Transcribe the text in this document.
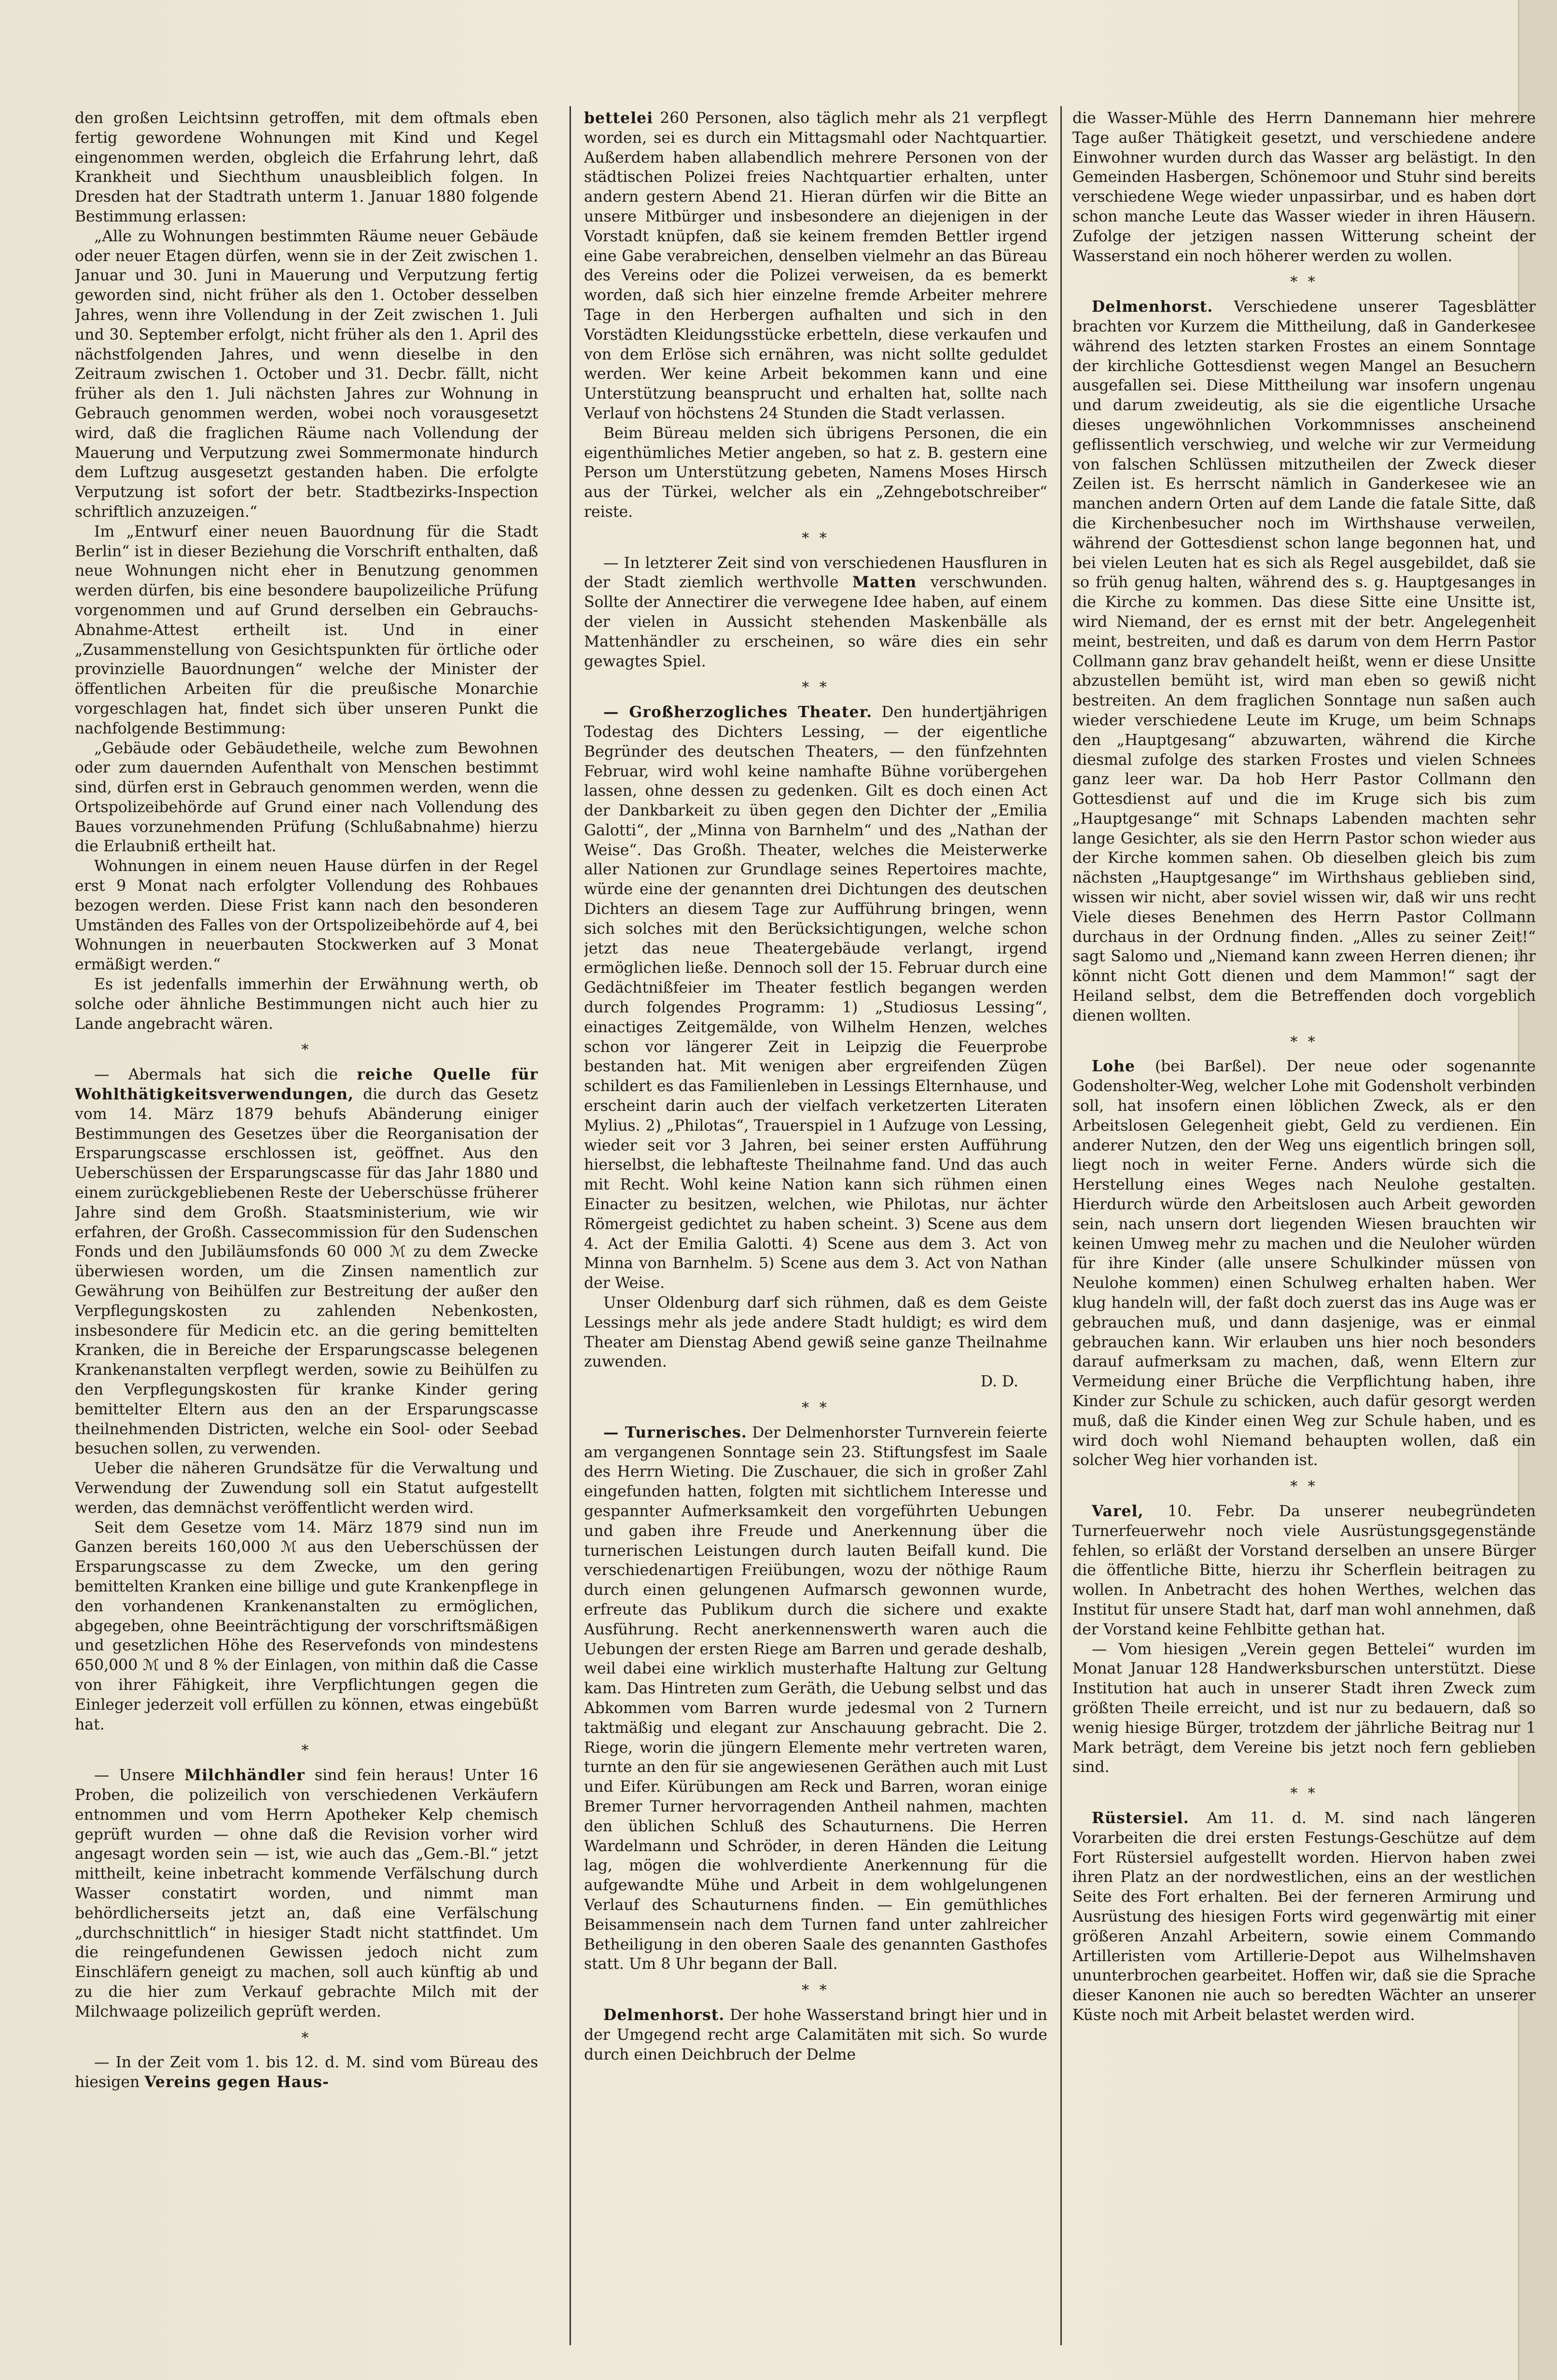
den großen Leichtsinn getroffen, mit dem oftmals eben fertig gewordene Wohnungen mit Kind und Kegel eingenommen werden, obgleich die Erfahrung lehrt, daß Krankheit und Siechthum unausbleiblich folgen. In Dresden hat der Stadtrath unterm 1. Januar 1880 folgende Bestimmung erlassen:

„Alle zu Wohnungen bestimmten Räume neuer Gebäude oder neuer Etagen dürfen, wenn sie in der Zeit zwischen 1. Januar und 30. Juni in Mauerung und Verputzung fertig geworden sind, nicht früher als den 1. October desselben Jahres, wenn ihre Vollendung in der Zeit zwischen 1. Juli und 30. September erfolgt, nicht früher als den 1. April des nächstfolgenden Jahres, und wenn dieselbe in den Zeitraum zwischen 1. October und 31. Decbr. fällt, nicht früher als den 1. Juli nächsten Jahres zur Wohnung in Gebrauch genommen werden, wobei noch vorausgesetzt wird, daß die fraglichen Räume nach Vollendung der Mauerung und Verputzung zwei Sommermonate hindurch dem Luftzug ausgesetzt gestanden haben. Die erfolgte Verputzung ist sofort der betr. Stadtbezirks-Inspection schriftlich anzuzeigen.“

Im „Entwurf einer neuen Bauordnung für die Stadt Berlin“ ist in dieser Beziehung die Vorschrift enthalten, daß neue Wohnungen nicht eher in Benutzung genommen werden dürfen, bis eine besondere baupolizeiliche Prüfung vorgenommen und auf Grund derselben ein Gebrauchs-Abnahme-Attest ertheilt ist. Und in einer „Zusammenstellung von Gesichtspunkten für örtliche oder provinzielle Bauordnungen“ welche der Minister der öffentlichen Arbeiten für die preußische Monarchie vorgeschlagen hat, findet sich über unseren Punkt die nachfolgende Bestimmung:

„Gebäude oder Gebäudetheile, welche zum Bewohnen oder zum dauernden Aufenthalt von Menschen bestimmt sind, dürfen erst in Gebrauch genommen werden, wenn die Ortspolizeibehörde auf Grund einer nach Vollendung des Baues vorzunehmenden Prüfung (Schlußabnahme) hierzu die Erlaubniß ertheilt hat.

Wohnungen in einem neuen Hause dürfen in der Regel erst 9 Monat nach erfolgter Vollendung des Rohbaues bezogen werden. Diese Frist kann nach den besonderen Umständen des Falles von der Ortspolizeibehörde auf 4, bei Wohnungen in neuerbauten Stockwerken auf 3 Monat ermäßigt werden.“

Es ist jedenfalls immerhin der Erwähnung werth, ob solche oder ähnliche Bestimmungen nicht auch hier zu Lande angebracht wären.

*

— Abermals hat sich die reiche Quelle für Wohlthätigkeitsverwendungen, die durch das Gesetz vom 14. März 1879 behufs Abänderung einiger Bestimmungen des Gesetzes über die Reorganisation der Ersparungscasse erschlossen ist, geöffnet. Aus den Ueberschüssen der Ersparungscasse für das Jahr 1880 und einem zurückgebliebenen Reste der Ueberschüsse früherer Jahre sind dem Großh. Staatsministerium, wie wir erfahren, der Großh. Cassecommission für den Sudenschen Fonds und den Jubiläumsfonds 60 000 ℳ zu dem Zwecke überwiesen worden, um die Zinsen namentlich zur Gewährung von Beihülfen zur Bestreitung der außer den Verpflegungskosten zu zahlenden Nebenkosten, insbesondere für Medicin etc. an die gering bemittelten Kranken, die in Bereiche der Ersparungscasse belegenen Krankenanstalten verpflegt werden, sowie zu Beihülfen zu den Verpflegungskosten für kranke Kinder gering bemittelter Eltern aus den an der Ersparungscasse theilnehmenden Districten, welche ein Sool- oder Seebad besuchen sollen, zu verwenden.

Ueber die näheren Grundsätze für die Verwaltung und Verwendung der Zuwendung soll ein Statut aufgestellt werden, das demnächst veröffentlicht werden wird.

Seit dem Gesetze vom 14. März 1879 sind nun im Ganzen bereits 160,000 ℳ aus den Ueberschüssen der Ersparungscasse zu dem Zwecke, um den gering bemittelten Kranken eine billige und gute Krankenpflege in den vorhandenen Krankenanstalten zu ermöglichen, abgegeben, ohne Beeinträchtigung der vorschriftsmäßigen und gesetzlichen Höhe des Reservefonds von mindestens 650,000 ℳ und 8 % der Einlagen, von mithin daß die Casse von ihrer Fähigkeit, ihre Verpflichtungen gegen die Einleger jederzeit voll erfüllen zu können, etwas eingebüßt hat.

*

— Unsere Milchhändler sind fein heraus! Unter 16 Proben, die polizeilich von verschiedenen Verkäufern entnommen und vom Herrn Apotheker Kelp chemisch geprüft wurden — ohne daß die Revision vorher wird angesagt worden sein — ist, wie auch das „Gem.-Bl.“ jetzt mittheilt, keine inbetracht kommende Verfälschung durch Wasser constatirt worden, und nimmt man behördlicherseits jetzt an, daß eine Verfälschung „durchschnittlich“ in hiesiger Stadt nicht stattfindet. Um die reingefundenen Gewissen jedoch nicht zum Einschläfern geneigt zu machen, soll auch künftig ab und zu die hier zum Verkauf gebrachte Milch mit der Milchwaage polizeilich geprüft werden.

*

— In der Zeit vom 1. bis 12. d. M. sind vom Büreau des hiesigen Vereins gegen Haus-

bettelei 260 Personen, also täglich mehr als 21 verpflegt worden, sei es durch ein Mittagsmahl oder Nachtquartier. Außerdem haben allabendlich mehrere Personen von der städtischen Polizei freies Nachtquartier erhalten, unter andern gestern Abend 21. Hieran dürfen wir die Bitte an unsere Mitbürger und insbesondere an diejenigen in der Vorstadt knüpfen, daß sie keinem fremden Bettler irgend eine Gabe verabreichen, denselben vielmehr an das Büreau des Vereins oder die Polizei verweisen, da es bemerkt worden, daß sich hier einzelne fremde Arbeiter mehrere Tage in den Herbergen aufhalten und sich in den Vorstädten Kleidungsstücke erbetteln, diese verkaufen und von dem Erlöse sich ernähren, was nicht sollte geduldet werden. Wer keine Arbeit bekommen kann und eine Unterstützung beansprucht und erhalten hat, sollte nach Verlauf von höchstens 24 Stunden die Stadt verlassen.

Beim Büreau melden sich übrigens Personen, die ein eigenthümliches Metier angeben, so hat z. B. gestern eine Person um Unterstützung gebeten, Namens Moses Hirsch aus der Türkei, welcher als ein „Zehngebotschreiber“ reiste.

* *

— In letzterer Zeit sind von verschiedenen Hausfluren in der Stadt ziemlich werthvolle Matten verschwunden. Sollte der Annectirer die verwegene Idee haben, auf einem der vielen in Aussicht stehenden Maskenbälle als Mattenhändler zu erscheinen, so wäre dies ein sehr gewagtes Spiel.

* *

— Großherzogliches Theater. Den hundertjährigen Todestag des Dichters Lessing, — der eigentliche Begründer des deutschen Theaters, — den fünfzehnten Februar, wird wohl keine namhafte Bühne vorübergehen lassen, ohne dessen zu gedenken. Gilt es doch einen Act der Dankbarkeit zu üben gegen den Dichter der „Emilia Galotti“, der „Minna von Barnhelm“ und des „Nathan der Weise“. Das Großh. Theater, welches die Meisterwerke aller Nationen zur Grundlage seines Repertoires machte, würde eine der genannten drei Dichtungen des deutschen Dichters an diesem Tage zur Aufführung bringen, wenn sich solches mit den Berücksichtigungen, welche schon jetzt das neue Theatergebäude verlangt, irgend ermöglichen ließe. Dennoch soll der 15. Februar durch eine Gedächtnißfeier im Theater festlich begangen werden durch folgendes Programm: 1) „Studiosus Lessing“, einactiges Zeitgemälde, von Wilhelm Henzen, welches schon vor längerer Zeit in Leipzig die Feuerprobe bestanden hat. Mit wenigen aber ergreifenden Zügen schildert es das Familienleben in Lessings Elternhause, und erscheint darin auch der vielfach verketzerten Literaten Mylius. 2) „Philotas“, Trauerspiel in 1 Aufzuge von Lessing, wieder seit vor 3 Jahren, bei seiner ersten Aufführung hierselbst, die lebhafteste Theilnahme fand. Und das auch mit Recht. Wohl keine Nation kann sich rühmen einen Einacter zu besitzen, welchen, wie Philotas, nur ächter Römergeist gedichtet zu haben scheint. 3) Scene aus dem 4. Act der Emilia Galotti. 4) Scene aus dem 3. Act von Minna von Barnhelm. 5) Scene aus dem 3. Act von Nathan der Weise.

Unser Oldenburg darf sich rühmen, daß es dem Geiste Lessings mehr als jede andere Stadt huldigt; es wird dem Theater am Dienstag Abend gewiß seine ganze Theilnahme zuwenden.

D. D.
* *

— Turnerisches. Der Delmenhorster Turnverein feierte am vergangenen Sonntage sein 23. Stiftungsfest im Saale des Herrn Wieting. Die Zuschauer, die sich in großer Zahl eingefunden hatten, folgten mit sichtlichem Interesse und gespannter Aufmerksamkeit den vorgeführten Uebungen und gaben ihre Freude und Anerkennung über die turnerischen Leistungen durch lauten Beifall kund. Die verschiedenartigen Freiübungen, wozu der nöthige Raum durch einen gelungenen Aufmarsch gewonnen wurde, erfreute das Publikum durch die sichere und exakte Ausführung. Recht anerkennenswerth waren auch die Uebungen der ersten Riege am Barren und gerade deshalb, weil dabei eine wirklich musterhafte Haltung zur Geltung kam. Das Hintreten zum Geräth, die Uebung selbst und das Abkommen vom Barren wurde jedesmal von 2 Turnern taktmäßig und elegant zur Anschauung gebracht. Die 2. Riege, worin die jüngern Elemente mehr vertreten waren, turnte an den für sie angewiesenen Geräthen auch mit Lust und Eifer. Kürübungen am Reck und Barren, woran einige Bremer Turner hervorragenden Antheil nahmen, machten den üblichen Schluß des Schauturnens. Die Herren Wardelmann und Schröder, in deren Händen die Leitung lag, mögen die wohlverdiente Anerkennung für die aufgewandte Mühe und Arbeit in dem wohlgelungenen Verlauf des Schauturnens finden. — Ein gemüthliches Beisammensein nach dem Turnen fand unter zahlreicher Betheiligung in den oberen Saale des genannten Gasthofes statt. Um 8 Uhr begann der Ball.

* *

Delmenhorst. Der hohe Wasserstand bringt hier und in der Umgegend recht arge Calamitäten mit sich. So wurde durch einen Deichbruch der Delme

die Wasser-Mühle des Herrn Dannemann hier mehrere Tage außer Thätigkeit gesetzt, und verschiedene andere Einwohner wurden durch das Wasser arg belästigt. In den Gemeinden Hasbergen, Schönemoor und Stuhr sind bereits verschiedene Wege wieder unpassirbar, und es haben dort schon manche Leute das Wasser wieder in ihren Häusern. Zufolge der jetzigen nassen Witterung scheint der Wasserstand ein noch höherer werden zu wollen.

* *

Delmenhorst. Verschiedene unserer Tagesblätter brachten vor Kurzem die Mittheilung, daß in Ganderkesee während des letzten starken Frostes an einem Sonntage der kirchliche Gottesdienst wegen Mangel an Besuchern ausgefallen sei. Diese Mittheilung war insofern ungenau und darum zweideutig, als sie die eigentliche Ursache dieses ungewöhnlichen Vorkommnisses anscheinend geflissentlich verschwieg, und welche wir zur Vermeidung von falschen Schlüssen mitzutheilen der Zweck dieser Zeilen ist. Es herrscht nämlich in Ganderkesee wie an manchen andern Orten auf dem Lande die fatale Sitte, daß die Kirchenbesucher noch im Wirthshause verweilen, während der Gottesdienst schon lange begonnen hat, und bei vielen Leuten hat es sich als Regel ausgebildet, daß sie so früh genug halten, während des s. g. Hauptgesanges in die Kirche zu kommen. Das diese Sitte eine Unsitte ist, wird Niemand, der es ernst mit der betr. Angelegenheit meint, bestreiten, und daß es darum von dem Herrn Pastor Collmann ganz brav gehandelt heißt, wenn er diese Unsitte abzustellen bemüht ist, wird man eben so gewiß nicht bestreiten. An dem fraglichen Sonntage nun saßen auch wieder verschiedene Leute im Kruge, um beim Schnaps den „Hauptgesang“ abzuwarten, während die Kirche diesmal zufolge des starken Frostes und vielen Schnees ganz leer war. Da hob Herr Pastor Collmann den Gottesdienst auf und die im Kruge sich bis zum „Hauptgesange“ mit Schnaps Labenden machten sehr lange Gesichter, als sie den Herrn Pastor schon wieder aus der Kirche kommen sahen. Ob dieselben gleich bis zum nächsten „Hauptgesange“ im Wirthshaus geblieben sind, wissen wir nicht, aber soviel wissen wir, daß wir uns recht Viele dieses Benehmen des Herrn Pastor Collmann durchaus in der Ordnung finden. „Alles zu seiner Zeit!“ sagt Salomo und „Niemand kann zween Herren dienen; ihr könnt nicht Gott dienen und dem Mammon!“ sagt der Heiland selbst, dem die Betreffenden doch vorgeblich dienen wollten.

* *

Lohe (bei Barßel). Der neue oder sogenannte Godensholter-Weg, welcher Lohe mit Godensholt verbinden soll, hat insofern einen löblichen Zweck, als er den Arbeitslosen Gelegenheit giebt, Geld zu verdienen. Ein anderer Nutzen, den der Weg uns eigentlich bringen soll, liegt noch in weiter Ferne. Anders würde sich die Herstellung eines Weges nach Neulohe gestalten. Hierdurch würde den Arbeitslosen auch Arbeit geworden sein, nach unsern dort liegenden Wiesen brauchten wir keinen Umweg mehr zu machen und die Neuloher würden für ihre Kinder (alle unsere Schulkinder müssen von Neulohe kommen) einen Schulweg erhalten haben. Wer klug handeln will, der faßt doch zuerst das ins Auge was er gebrauchen muß, und dann dasjenige, was er einmal gebrauchen kann. Wir erlauben uns hier noch besonders darauf aufmerksam zu machen, daß, wenn Eltern zur Vermeidung einer Brüche die Verpflichtung haben, ihre Kinder zur Schule zu schicken, auch dafür gesorgt werden muß, daß die Kinder einen Weg zur Schule haben, und es wird doch wohl Niemand behaupten wollen, daß ein solcher Weg hier vorhanden ist.

* *

Varel, 10. Febr. Da unserer neubegründeten Turnerfeuerwehr noch viele Ausrüstungsgegenstände fehlen, so erläßt der Vorstand derselben an unsere Bürger die öffentliche Bitte, hierzu ihr Scherflein beitragen zu wollen. In Anbetracht des hohen Werthes, welchen das Institut für unsere Stadt hat, darf man wohl annehmen, daß der Vorstand keine Fehlbitte gethan hat.

— Vom hiesigen „Verein gegen Bettelei“ wurden im Monat Januar 128 Handwerksburschen unterstützt. Diese Institution hat auch in unserer Stadt ihren Zweck zum größten Theile erreicht, und ist nur zu bedauern, daß so wenig hiesige Bürger, trotzdem der jährliche Beitrag nur 1 Mark beträgt, dem Vereine bis jetzt noch fern geblieben sind.

* *

Rüstersiel. Am 11. d. M. sind nach längeren Vorarbeiten die drei ersten Festungs-Geschütze auf dem Fort Rüstersiel aufgestellt worden. Hiervon haben zwei ihren Platz an der nordwestlichen, eins an der westlichen Seite des Fort erhalten. Bei der ferneren Armirung und Ausrüstung des hiesigen Forts wird gegenwärtig mit einer größeren Anzahl Arbeitern, sowie einem Commando Artilleristen vom Artillerie-Depot aus Wilhelmshaven ununterbrochen gearbeitet. Hoffen wir, daß sie die Sprache dieser Kanonen nie auch so beredten Wächter an unserer Küste noch mit Arbeit belastet werden wird.
